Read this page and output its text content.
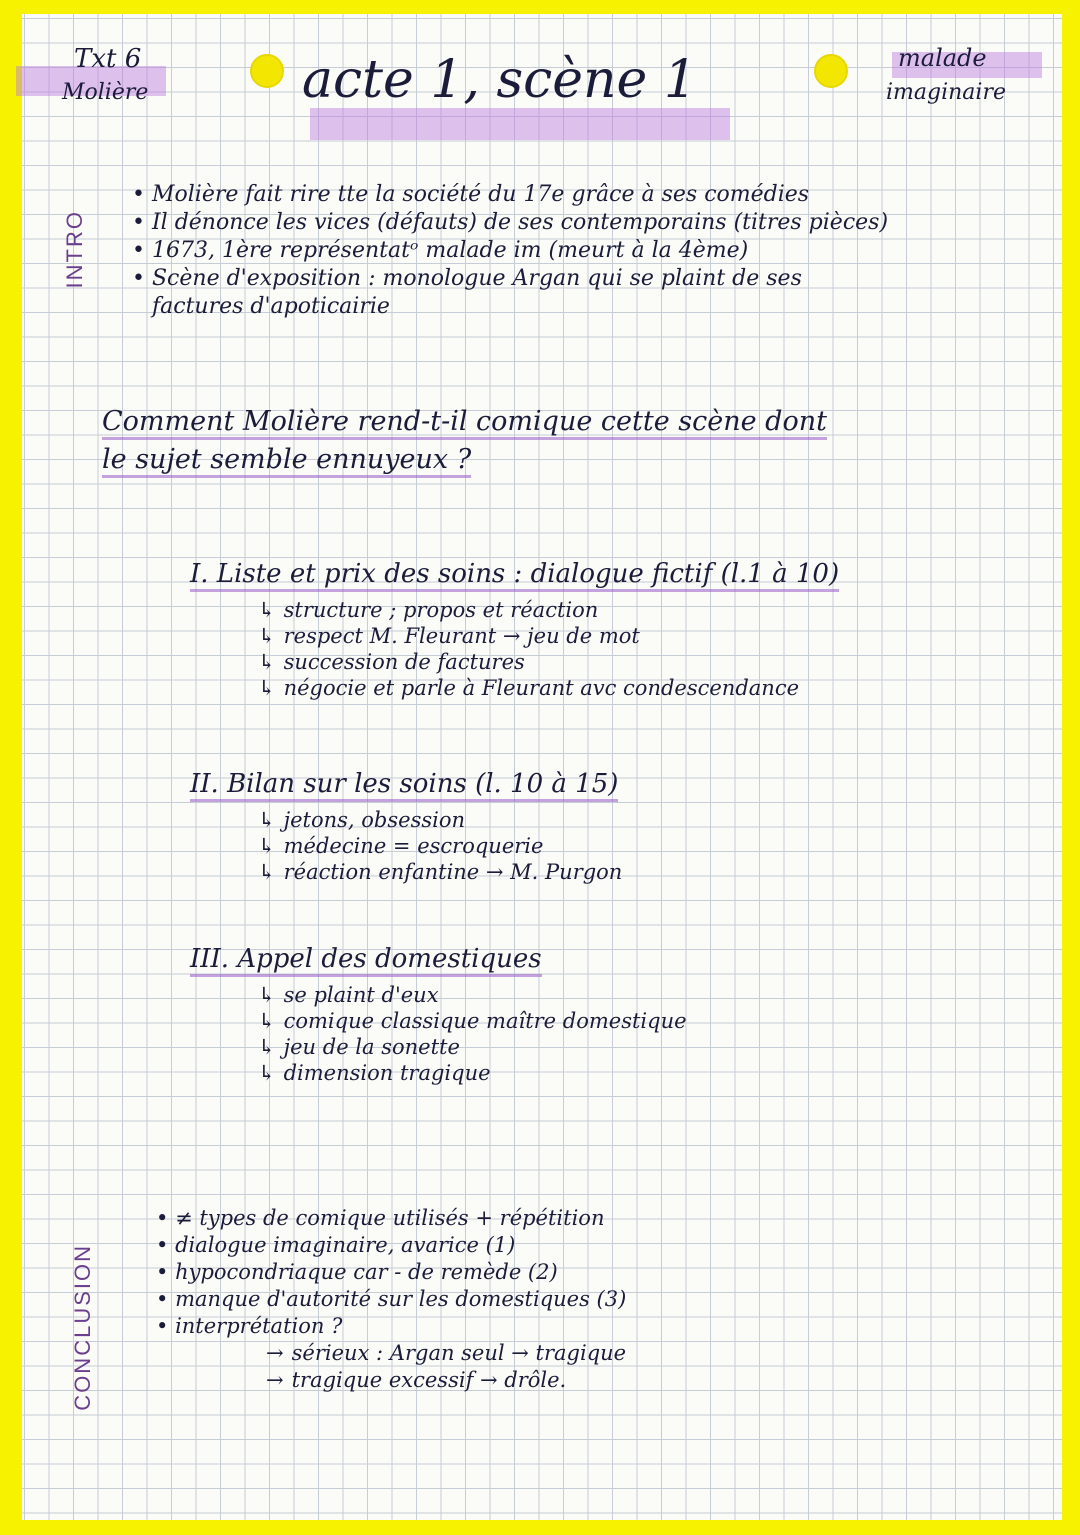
Txt 6
Molière	acte 1, scène 1	malade
imaginaire
INTRO
• Molière fait rire tte la société du 17e grâce à ses comédies
• Il dénonce les vices (défauts) de ses contemporains (titres pièces)
• 1673, 1ère représentatᵒ malade im (meurt à la 4ème)
• Scène d'exposition : monologue Argan qui se plaint de ses
factures d'apoticairie
Comment Molière rend-t-il comique cette scène dont
le sujet semble ennuyeux ?
I. Liste et prix des soins : dialogue fictif (l.1 à 10)
↳ structure ; propos et réaction
↳ respect M. Fleurant → jeu de mot
↳ succession de factures
↳ négocie et parle à Fleurant avc condescendance
II. Bilan sur les soins (l. 10 à 15)
↳ jetons, obsession
↳ médecine = escroquerie
↳ réaction enfantine → M. Purgon
III. Appel des domestiques
↳ se plaint d'eux
↳ comique classique maître domestique
↳ jeu de la sonette
↳ dimension tragique
CONCLUSION
• ≠ types de comique utilisés + répétition
• dialogue imaginaire, avarice (1)
• hypocondriaque car - de remède (2)
• manque d'autorité sur les domestiques (3)
• interprétation ?
→ sérieux : Argan seul → tragique
→ tragique excessif → drôle.
